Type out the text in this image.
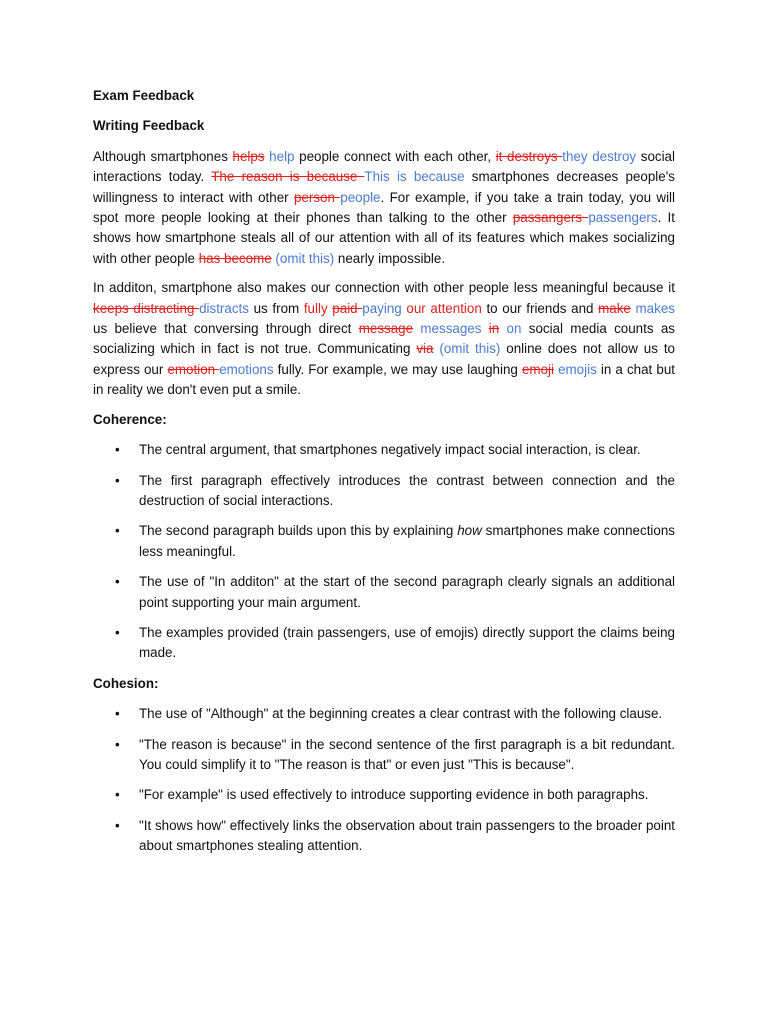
Exam Feedback

Writing Feedback

Although smartphones helps help people connect with each other, it destroys they destroy social interactions today. The reason is because This is because smartphones decreases people's willingness to interact with other person people. For example, if you take a train today, you will spot more people looking at their phones than talking to the other passangers passengers. It shows how smartphone steals all of our attention with all of its features which makes socializing with other people has become (omit this) nearly impossible.

In additon, smartphone also makes our connection with other people less meaningful because it keeps distracting distracts us from fully paid paying our attention to our friends and make makes us believe that conversing through direct message messages in on social media counts as socializing which in fact is not true. Communicating via (omit this) online does not allow us to express our emotion emotions fully. For example, we may use laughing emoji emojis in a chat but in reality we don't even put a smile.

Coherence:

• The central argument, that smartphones negatively impact social interaction, is clear.
• The first paragraph effectively introduces the contrast between connection and the destruction of social interactions.
• The second paragraph builds upon this by explaining how smartphones make connections less meaningful.
• The use of "In additon" at the start of the second paragraph clearly signals an additional point supporting your main argument.
• The examples provided (train passengers, use of emojis) directly support the claims being made.

Cohesion:

• The use of "Although" at the beginning creates a clear contrast with the following clause.
• "The reason is because" in the second sentence of the first paragraph is a bit redundant. You could simplify it to "The reason is that" or even just "This is because".
• "For example" is used effectively to introduce supporting evidence in both paragraphs.
• "It shows how" effectively links the observation about train passengers to the broader point about smartphones stealing attention.
